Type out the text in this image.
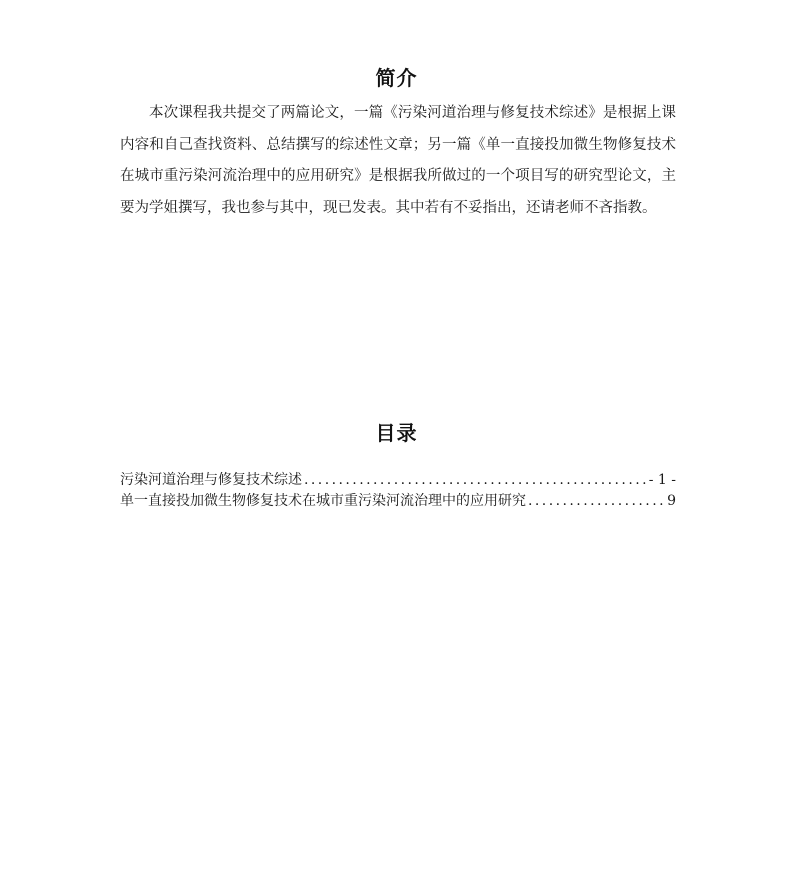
简介

本次课程我共提交了两篇论文，一篇《污染河道治理与修复技术综述》是根据上课内容和自己查找资料、总结撰写的综述性文章；另一篇《单一直接投加微生物修复技术在城市重污染河流治理中的应用研究》是根据我所做过的一个项目写的研究型论文，主要为学姐撰写，我也参与其中，现已发表。其中若有不妥指出，还请老师不吝指教。

目录
污染河道治理与修复技术综述 . . .	- 1 -
单一直接投加微生物修复技术在城市重污染河流治理中的应用研究 . . .	9
